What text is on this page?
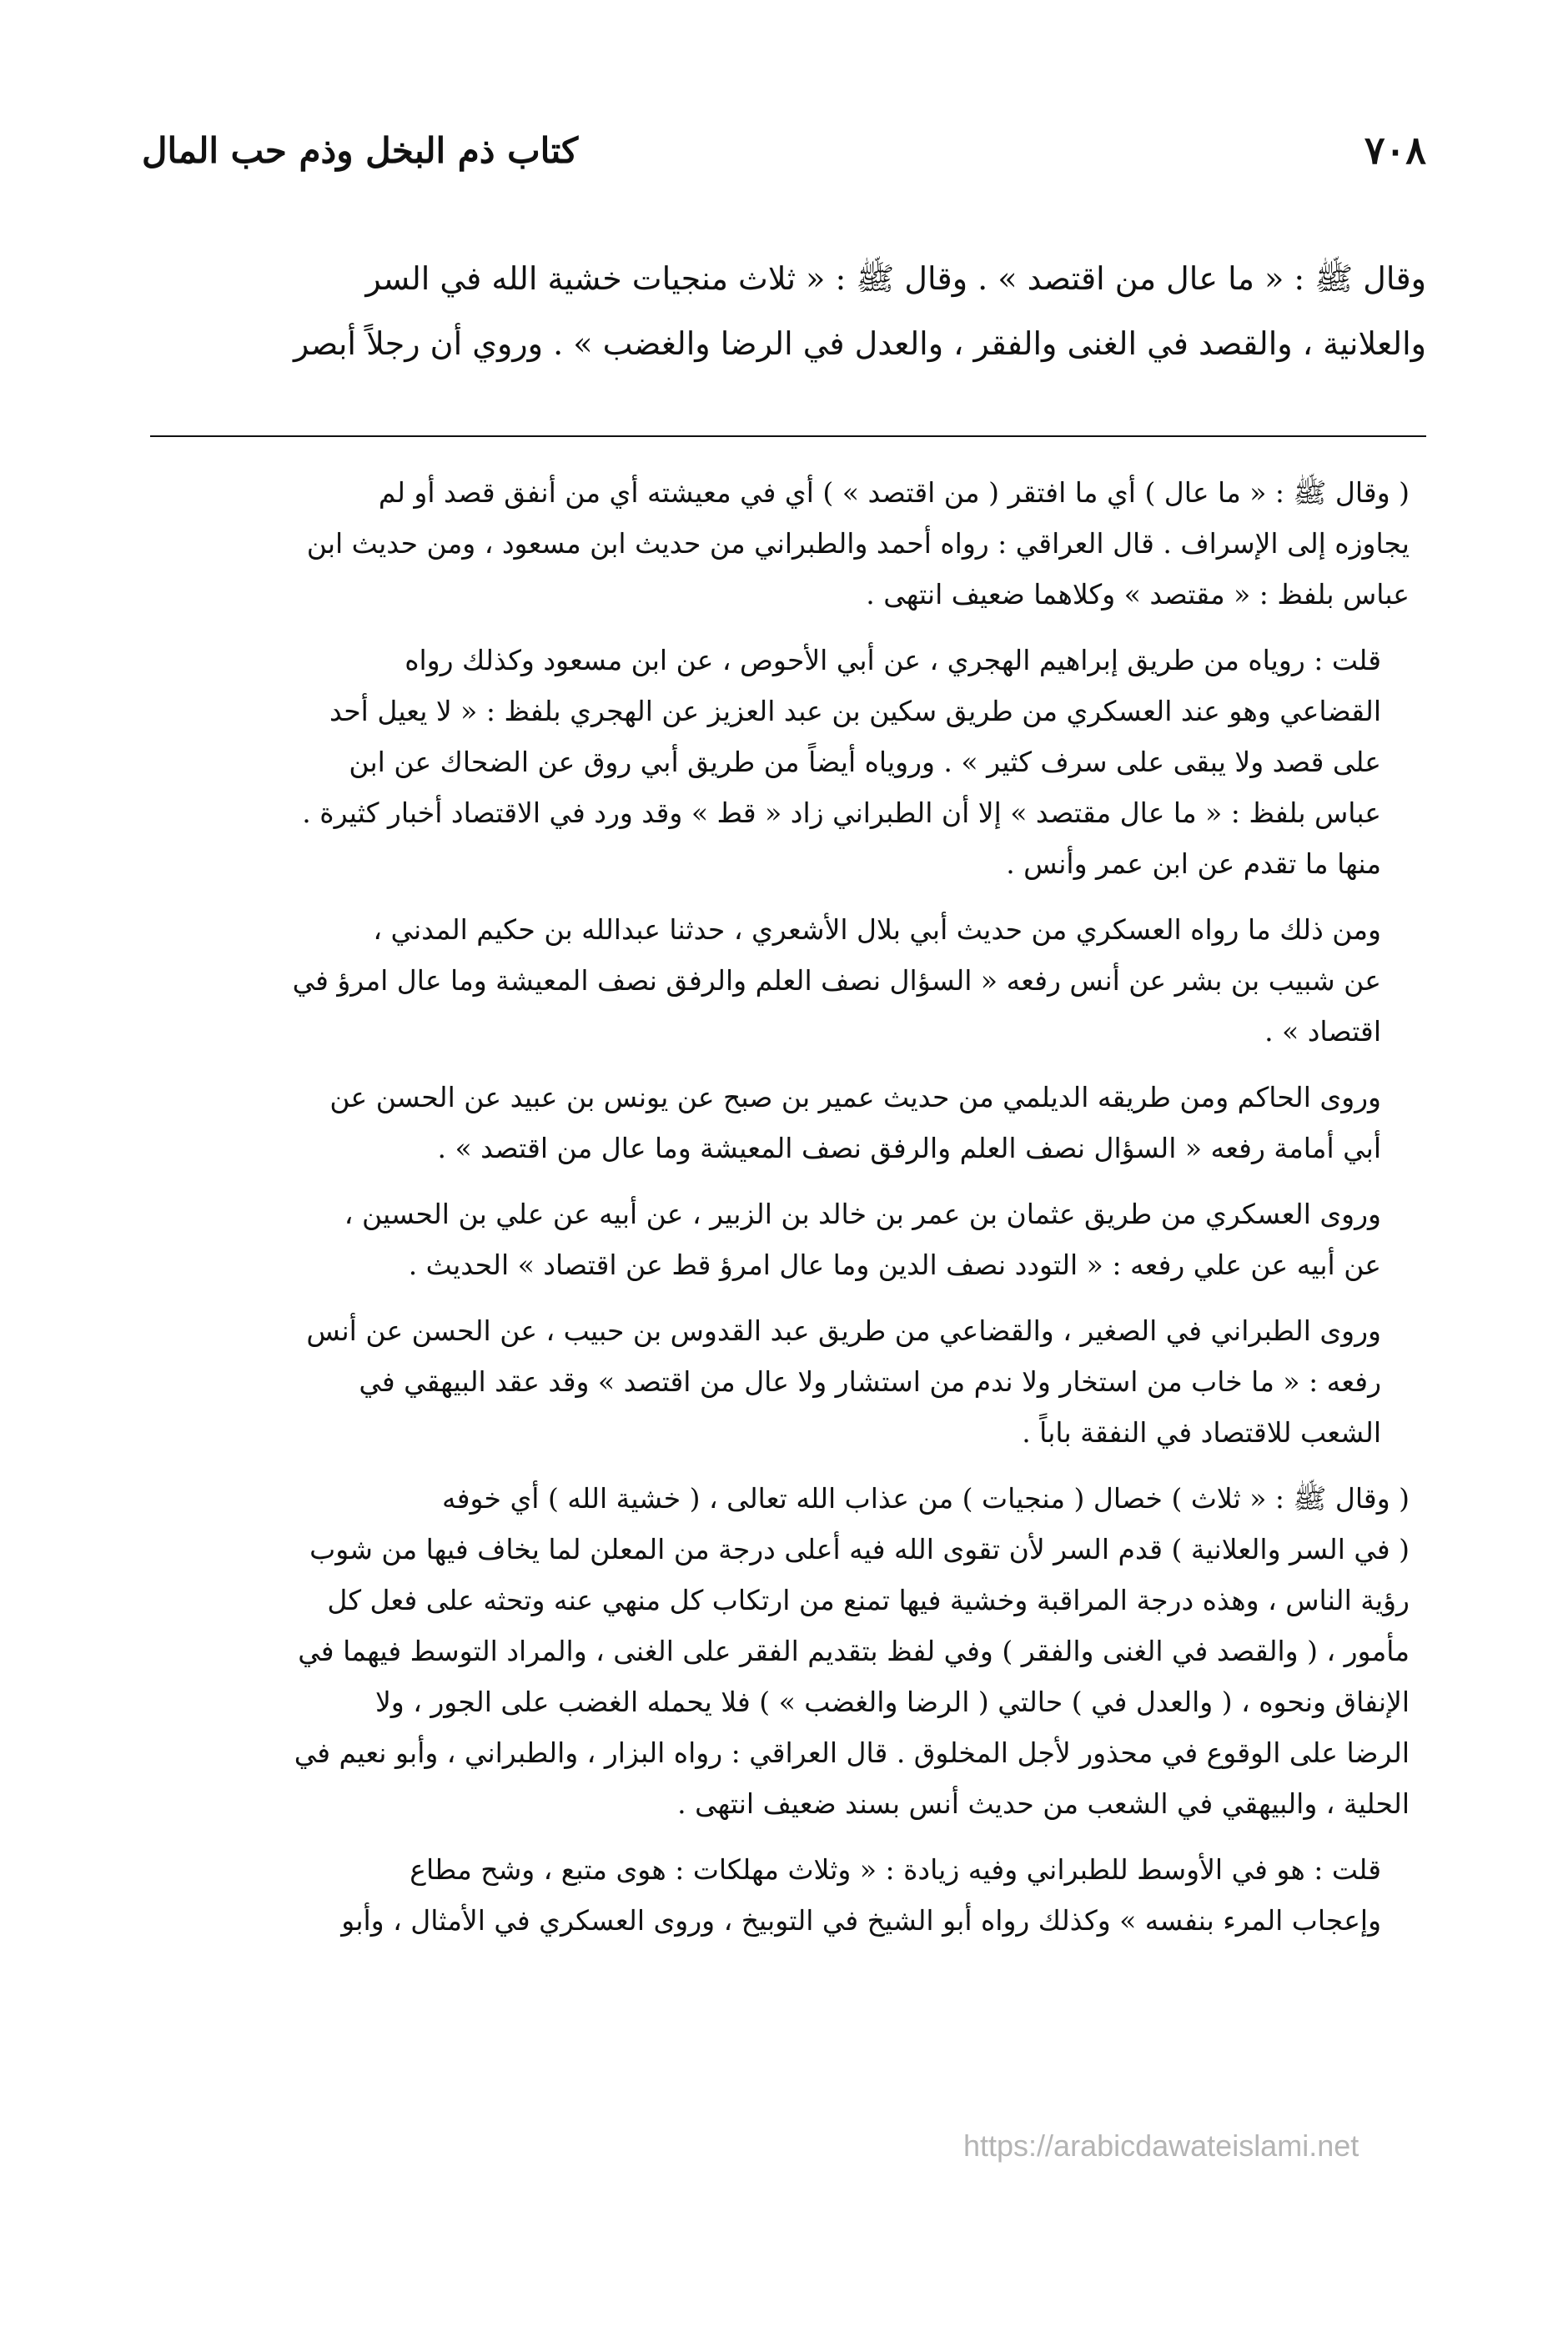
٧٠٨
كتاب ذم البخل وذم حب المال

وقال ﷺ : « ما عال من اقتصد » . وقال ﷺ : « ثلاث منجيات خشية الله في السر
والعلانية ، والقصد في الغنى والفقر ، والعدل في الرضا والغضب » . وروي أن رجلاً أبصر

( وقال ﷺ : « ما عال ) أي ما افتقر ( من اقتصد » ) أي في معيشته أي من أنفق قصد أو لم
يجاوزه إلى الإسراف . قال العراقي : رواه أحمد والطبراني من حديث ابن مسعود ، ومن حديث ابن
عباس بلفظ : « مقتصد » وكلاهما ضعيف انتهى .

قلت : روياه من طريق إبراهيم الهجري ، عن أبي الأحوص ، عن ابن مسعود وكذلك رواه
القضاعي وهو عند العسكري من طريق سكين بن عبد العزيز عن الهجري بلفظ : « لا يعيل أحد
على قصد ولا يبقى على سرف كثير » . وروياه أيضاً من طريق أبي روق عن الضحاك عن ابن
عباس بلفظ : « ما عال مقتصد » إلا أن الطبراني زاد « قط » وقد ورد في الاقتصاد أخبار كثيرة .
منها ما تقدم عن ابن عمر وأنس .

ومن ذلك ما رواه العسكري من حديث أبي بلال الأشعري ، حدثنا عبدالله بن حكيم المدني ،
عن شبيب بن بشر عن أنس رفعه « السؤال نصف العلم والرفق نصف المعيشة وما عال امرؤ في
اقتصاد » .

وروى الحاكم ومن طريقه الديلمي من حديث عمير بن صبح عن يونس بن عبيد عن الحسن عن
أبي أمامة رفعه « السؤال نصف العلم والرفق نصف المعيشة وما عال من اقتصد » .

وروى العسكري من طريق عثمان بن عمر بن خالد بن الزبير ، عن أبيه عن علي بن الحسين ،
عن أبيه عن علي رفعه : « التودد نصف الدين وما عال امرؤ قط عن اقتصاد » الحديث .

وروى الطبراني في الصغير ، والقضاعي من طريق عبد القدوس بن حبيب ، عن الحسن عن أنس
رفعه : « ما خاب من استخار ولا ندم من استشار ولا عال من اقتصد » وقد عقد البيهقي في
الشعب للاقتصاد في النفقة باباً .

( وقال ﷺ : « ثلاث ) خصال ( منجيات ) من عذاب الله تعالى ، ( خشية الله ) أي خوفه
( في السر والعلانية ) قدم السر لأن تقوى الله فيه أعلى درجة من المعلن لما يخاف فيها من شوب
رؤية الناس ، وهذه درجة المراقبة وخشية فيها تمنع من ارتكاب كل منهي عنه وتحثه على فعل كل
مأمور ، ( والقصد في الغنى والفقر ) وفي لفظ بتقديم الفقر على الغنى ، والمراد التوسط فيهما في
الإنفاق ونحوه ، ( والعدل في ) حالتي ( الرضا والغضب » ) فلا يحمله الغضب على الجور ، ولا
الرضا على الوقوع في محذور لأجل المخلوق . قال العراقي : رواه البزار ، والطبراني ، وأبو نعيم في
الحلية ، والبيهقي في الشعب من حديث أنس بسند ضعيف انتهى .

قلت : هو في الأوسط للطبراني وفيه زيادة : « وثلاث مهلكات : هوى متبع ، وشح مطاع
وإعجاب المرء بنفسه » وكذلك رواه أبو الشيخ في التوبيخ ، وروى العسكري في الأمثال ، وأبو

https://arabicdawateislami.net
